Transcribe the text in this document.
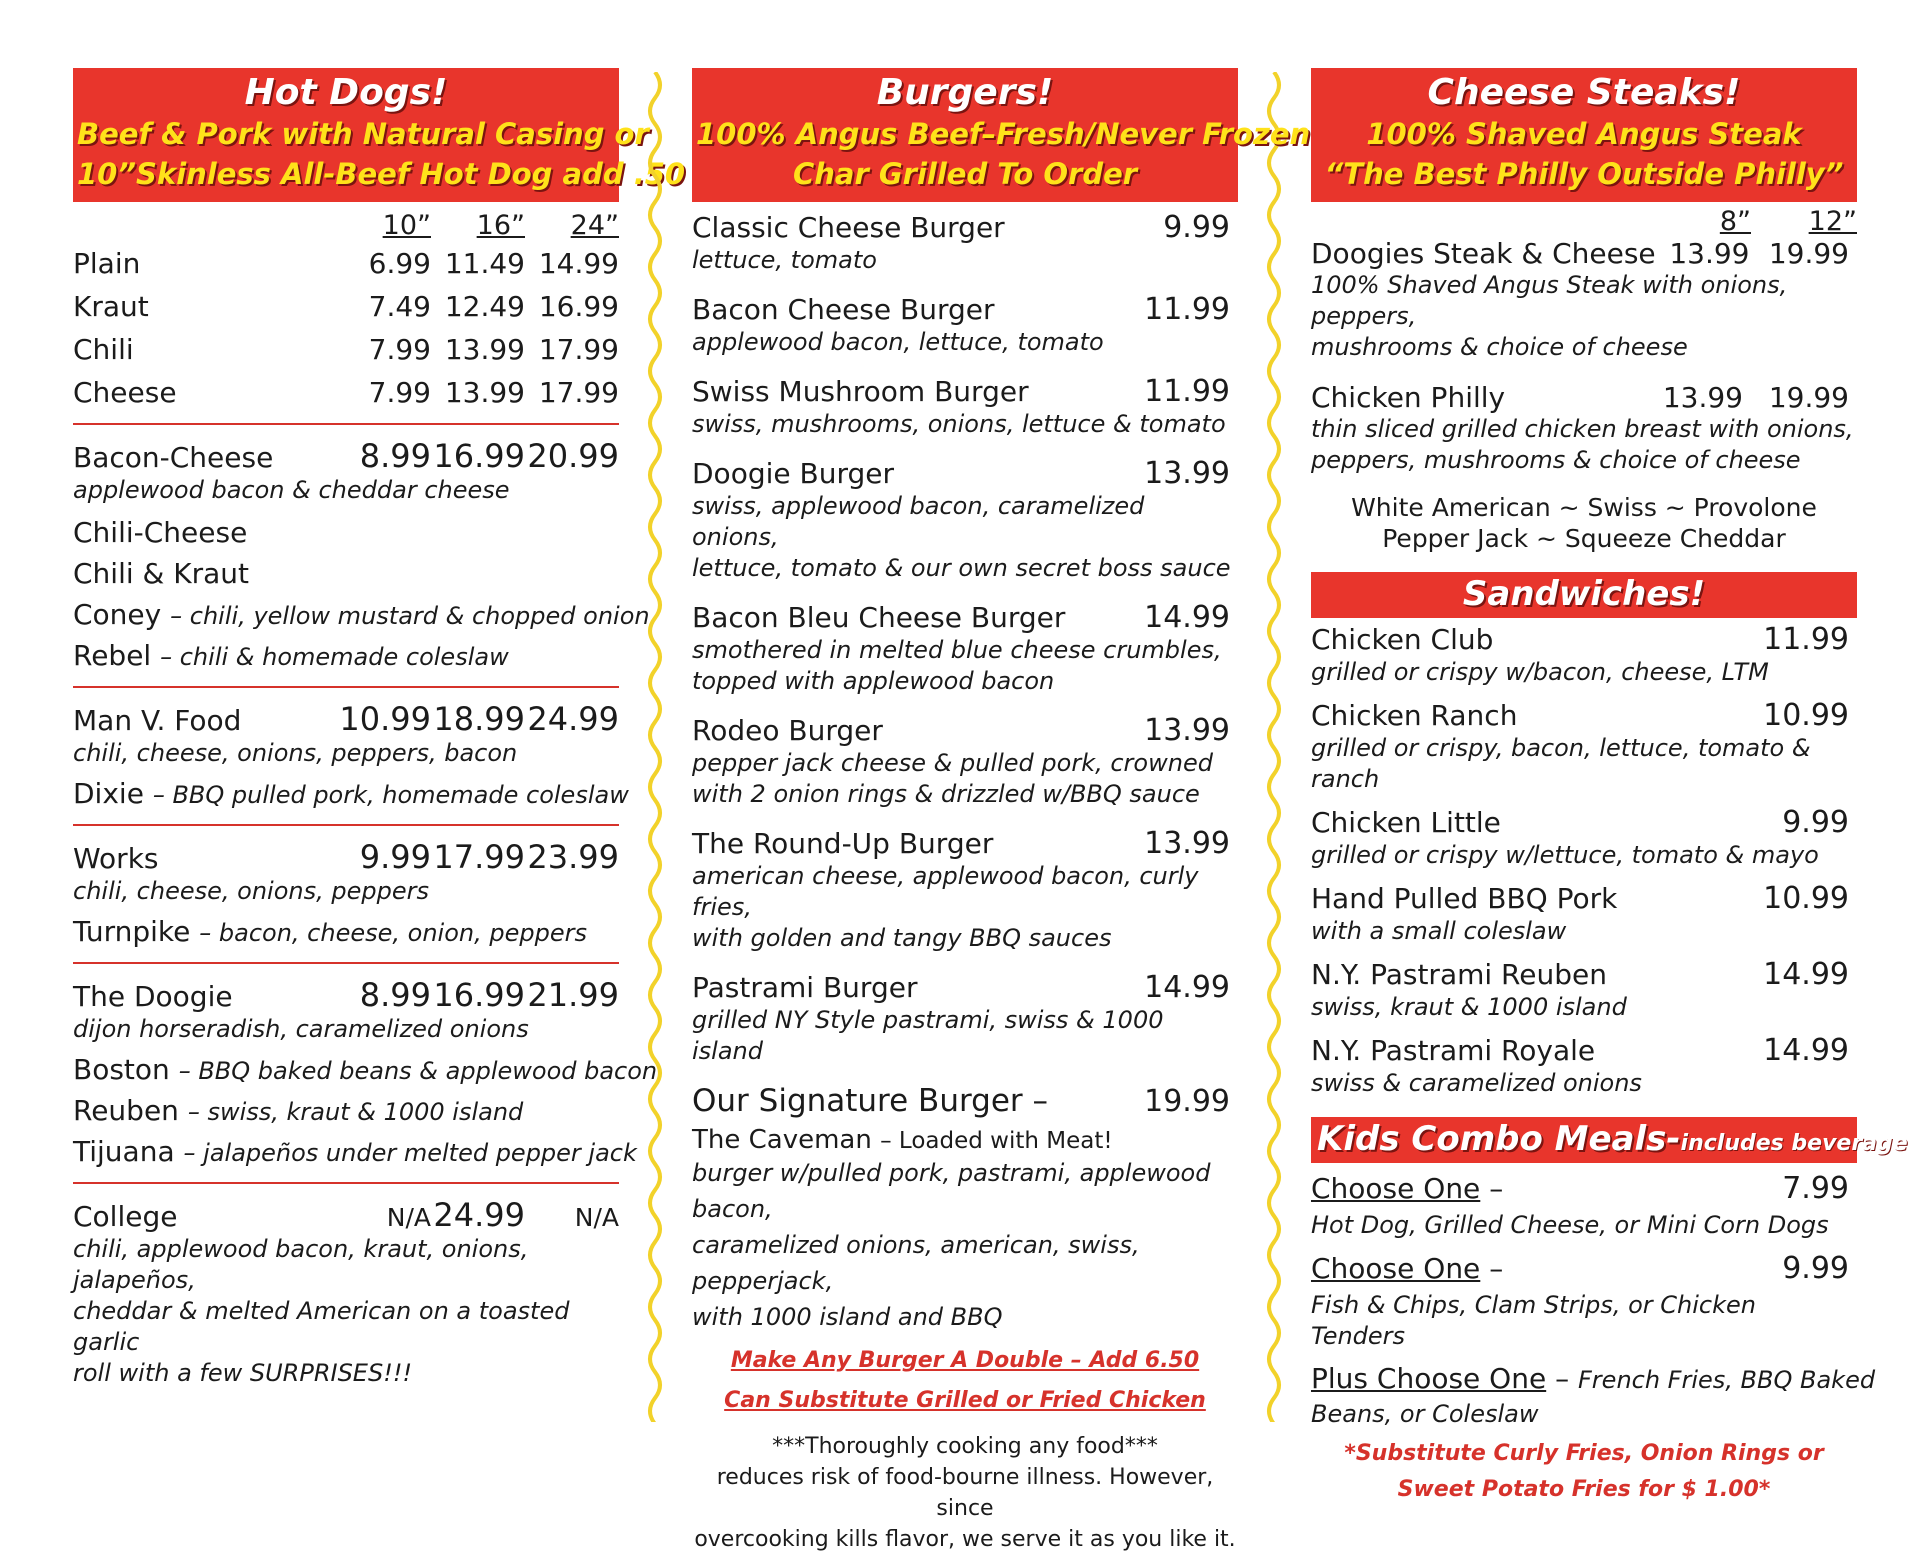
Hot Dogs!
Beef & Pork with Natural Casing or
10”Skinless All-Beef Hot Dog add .50
10”	16”	24”
Plain	6.99 11.49 14.99
Kraut	7.49 12.49 16.99
Chili	7.99 13.99 17.99
Cheese	7.99 13.99 17.99
Bacon-Cheese	8.99 16.99 20.99
applewood bacon & cheddar cheese
Chili-Cheese
Chili & Kraut
Coney – chili, yellow mustard & chopped onion
Rebel – chili & homemade coleslaw
Man V. Food	10.99 18.99 24.99
chili, cheese, onions, peppers, bacon
Dixie – BBQ pulled pork, homemade coleslaw
Works	9.99 17.99 23.99
chili, cheese, onions, peppers
Turnpike – bacon, cheese, onion, peppers
The Doogie	8.99 16.99 21.99
dijon horseradish, caramelized onions
Boston – BBQ baked beans & applewood bacon
Reuben – swiss, kraut & 1000 island
Tijuana – jalapeños under melted pepper jack
College	N/A 24.99	N/A
chili, applewood bacon, kraut, onions, jalapeños,
cheddar & melted American on a toasted garlic
roll with a few SURPRISES!!!
Burgers!
100% Angus Beef–Fresh/Never Frozen
Char Grilled To Order
Classic Cheese Burger	9.99
lettuce, tomato
Bacon Cheese Burger	11.99
applewood bacon, lettuce, tomato
Swiss Mushroom Burger	11.99
swiss, mushrooms, onions, lettuce & tomato
Doogie Burger	13.99
swiss, applewood bacon, caramelized onions,
lettuce, tomato & our own secret boss sauce
Bacon Bleu Cheese Burger	14.99
smothered in melted blue cheese crumbles,
topped with applewood bacon
Rodeo Burger	13.99
pepper jack cheese & pulled pork, crowned
with 2 onion rings & drizzled w/BBQ sauce
The Round-Up Burger	13.99
american cheese, applewood bacon, curly fries,
with golden and tangy BBQ sauces
Pastrami Burger	14.99
grilled NY Style pastrami, swiss & 1000 island
Our Signature Burger –	19.99
The Caveman – Loaded with Meat!
burger w/pulled pork, pastrami, applewood bacon,
caramelized onions, american, swiss, pepperjack,
with 1000 island and BBQ
Make Any Burger A Double – Add 6.50
Can Substitute Grilled or Fried Chicken
***Thoroughly cooking any food***
reduces risk of food-bourne illness. However, since
overcooking kills flavor, we serve it as you like it.
Cheese Steaks!
100% Shaved Angus Steak
“The Best Philly Outside Philly”
8”	12”
Doogies Steak & Cheese 13.99 19.99
100% Shaved Angus Steak with onions, peppers,
mushrooms & choice of cheese
Chicken Philly	13.99 19.99
thin sliced grilled chicken breast with onions,
peppers, mushrooms & choice of cheese
White American ~ Swiss ~ Provolone
Pepper Jack ~ Squeeze Cheddar
Sandwiches!
Chicken Club	11.99
grilled or crispy w/bacon, cheese, LTM
Chicken Ranch	10.99
grilled or crispy, bacon, lettuce, tomato & ranch
Chicken Little	9.99
grilled or crispy w/lettuce, tomato & mayo
Hand Pulled BBQ Pork	10.99
with a small coleslaw
N.Y. Pastrami Reuben	14.99
swiss, kraut & 1000 island
N.Y. Pastrami Royale	14.99
swiss & caramelized onions
Kids Combo Meals-includes beverage
Choose One –	7.99
Hot Dog, Grilled Cheese, or Mini Corn Dogs
Choose One –	9.99
Fish & Chips, Clam Strips, or Chicken Tenders
Plus Choose One – French Fries, BBQ Baked
Beans, or Coleslaw
*Substitute Curly Fries, Onion Rings or
Sweet Potato Fries for $ 1.00*
